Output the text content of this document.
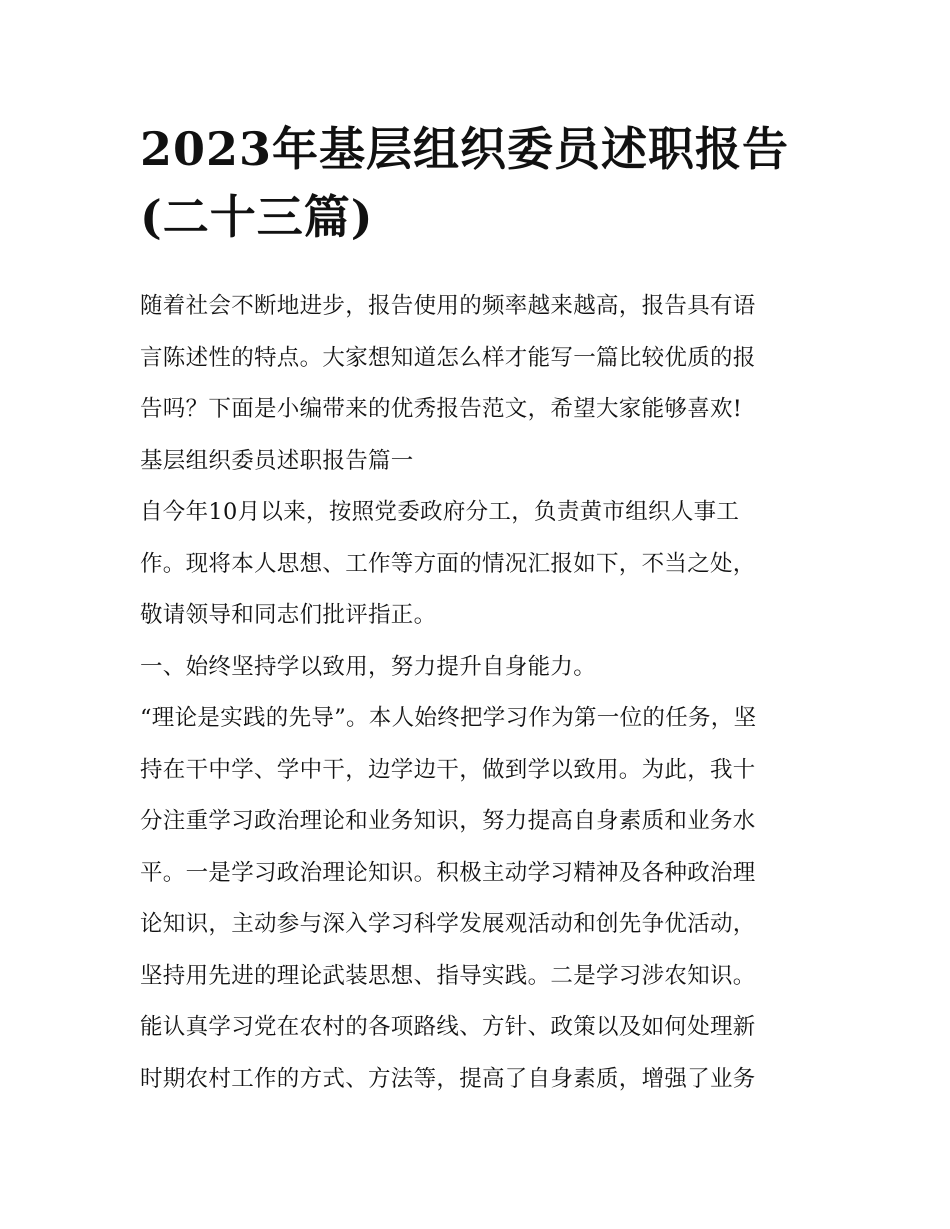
2023年基层组织委员述职报告
(二十三篇)
随着社会不断地进步，报告使用的频率越来越高，报告具有语
言陈述性的特点。大家想知道怎么样才能写一篇比较优质的报
告吗？下面是小编带来的优秀报告范文，希望大家能够喜欢!
基层组织委员述职报告篇一
自今年10月以来，按照党委政府分工，负责黄市组织人事工
作。现将本人思想、工作等方面的情况汇报如下，不当之处，
敬请领导和同志们批评指正。
一、始终坚持学以致用，努力提升自身能力。
“理论是实践的先导”。本人始终把学习作为第一位的任务，坚
持在干中学、学中干，边学边干，做到学以致用。为此，我十
分注重学习政治理论和业务知识，努力提高自身素质和业务水
平。一是学习政治理论知识。积极主动学习精神及各种政治理
论知识，主动参与深入学习科学发展观活动和创先争优活动，
坚持用先进的理论武装思想、指导实践。二是学习涉农知识。
能认真学习党在农村的各项路线、方针、政策以及如何处理新
时期农村工作的方式、方法等，提高了自身素质，增强了业务
